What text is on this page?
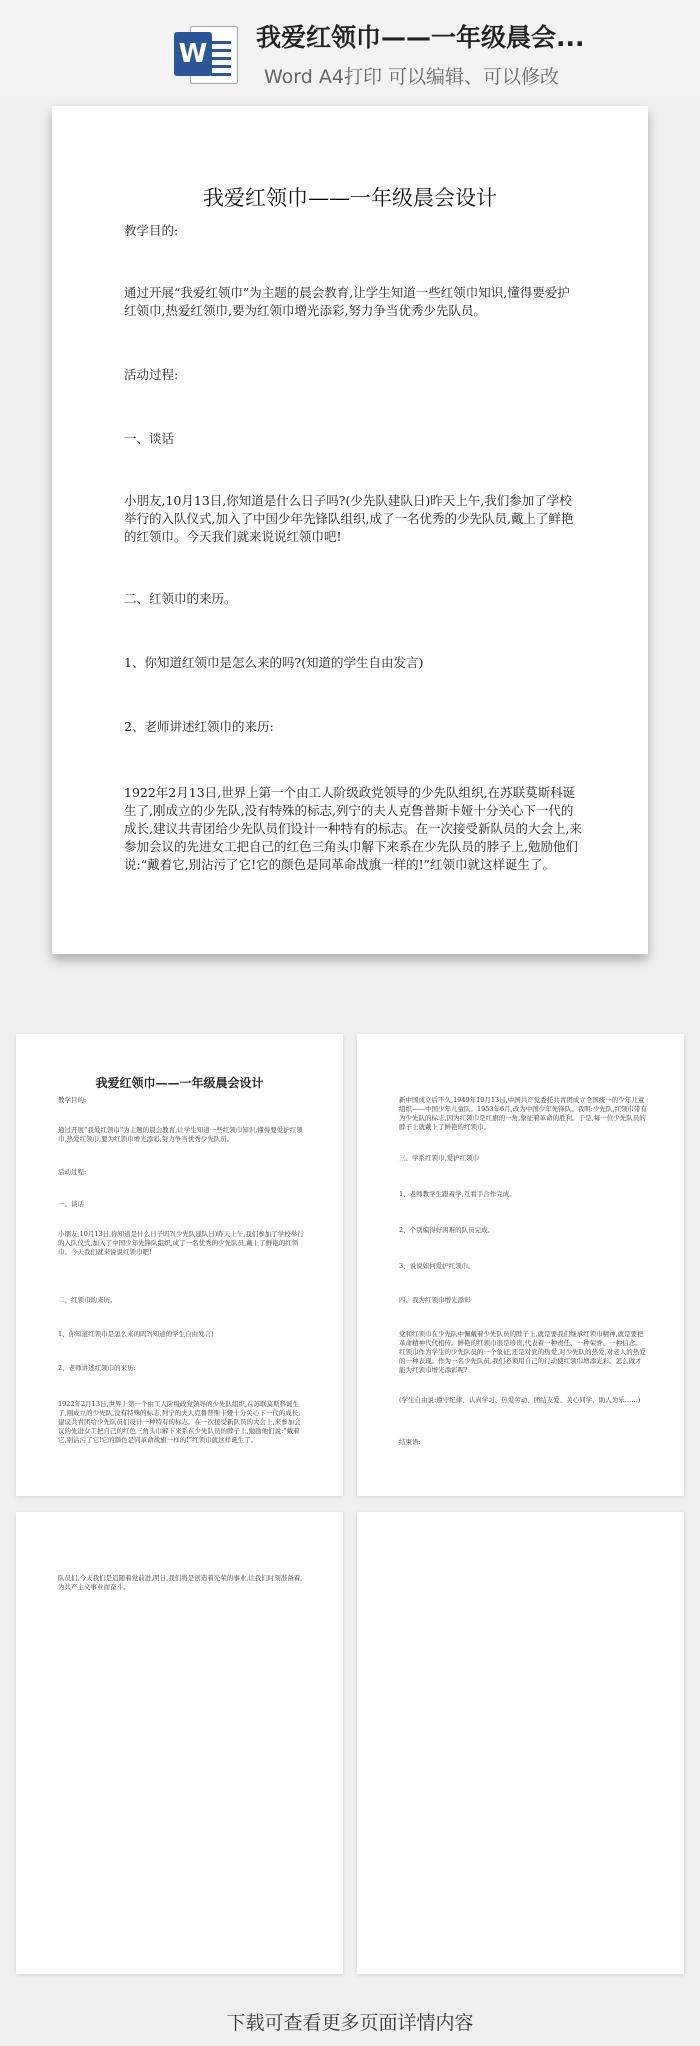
W
我爱红领巾——一年级晨会...
Word A4打印 可以编辑、可以修改
我爱红领巾——一年级晨会设计

教学目的:

通过开展“我爱红领巾”为主题的晨会教育,让学生知道一些红领巾知识,懂得要爱护红领巾,热爱红领巾,要为红领巾增光添彩,努力争当优秀少先队员。

活动过程:

一、谈话

小朋友,10月13日,你知道是什么日子吗?(少先队建队日)昨天上午,我们参加了学校举行的入队仪式,加入了中国少年先锋队组织,成了一名优秀的少先队员,戴上了鲜艳的红领巾。今天我们就来说说红领巾吧!

二、红领巾的来历。

1、你知道红领巾是怎么来的吗?(知道的学生自由发言)

2、老师讲述红领巾的来历:

1922年2月13日,世界上第一个由工人阶级政党领导的少先队组织,在苏联莫斯科诞生了,刚成立的少先队,没有特殊的标志,列宁的夫人克鲁普斯卡娅十分关心下一代的成长,建议共青团给少先队员们设计一种特有的标志。在一次接受新队员的大会上,来参加会议的先进女工把自己的红色三角头巾解下来系在少先队员的脖子上,勉励他们说:“戴着它,别沾污了它!它的颜色是同革命战旗一样的!”红领巾就这样诞生了。

我爱红领巾——一年级晨会设计

教学目的:

通过开展“我爱红领巾”为主题的晨会教育,让学生知道一些红领巾知识,懂得要爱护红领巾,热爱红领巾,要为红领巾增光添彩,努力争当优秀少先队员。

活动过程:

一、谈话

小朋友,10月13日,你知道是什么日子吗?(少先队建队日)昨天上午,我们参加了学校举行的入队仪式,加入了中国少年先锋队组织,成了一名优秀的少先队员,戴上了鲜艳的红领巾。今天我们就来说说红领巾吧!

二、红领巾的来历。

1、你知道红领巾是怎么来的吗?(知道的学生自由发言)

2、老师讲述红领巾的来历:

1922年2月13日,世界上第一个由工人阶级政党领导的少先队组织,在苏联莫斯科诞生了,刚成立的少先队,没有特殊的标志,列宁的夫人克鲁普斯卡娅十分关心下一代的成长,建议共青团给少先队员们设计一种特有的标志。在一次接受新队员的大会上,来参加会议的先进女工把自己的红色三角头巾解下来系在少先队员的脖子上,勉励他们说:“戴着它,别沾污了它!它的颜色是同革命战旗一样的!”红领巾就这样诞生了。

新中国成立后不久,1949年10月13日,中国共产党委托共青团成立全国统一的少年儿童组织——中国少年儿童队。1953年6月,改为中国少年先锋队。我明:少先队,红领巾带有为少先队的标志,因为红领巾是红旗的一角,象征着革命的胜利。于是,每一位少先队员的脖子上就戴上了鲜艳的红领巾。

三、学系红领巾,爱护红领巾

1、老师教学生跟着学,互看手合作完成。

2、个别编得好困难的队员完成。

3、说说如何爱护红领巾。

四、我为红领巾增光添彩

党和红领巾在少先队中佩戴着少先队员的脖子上,就是要我们继承红领巾精神,就是要把革命精神代代相传。鲜艳的红领巾很是珍贵,代表着一种责任、一种荣誉、一种信念。红领巾作为学生的少先队员的一个象征,还是对党的热爱,对少先队的热爱,对老人的热爱的一种表现。作为一名少先队员,我们必须用自己的行动使红领巾增添光彩。怎么做才能为红领巾增光添彩呢?

(学生自由说:遵守纪律、认真学习、热爱劳动、团结友爱、关心同学、助人为乐……)

结束语:

队员们,今天我们是追随着党前进,明日,我们将是创造着光荣的事业,让我们时刻准备着,为共产主义事业而奋斗。

下载可查看更多页面详情内容
